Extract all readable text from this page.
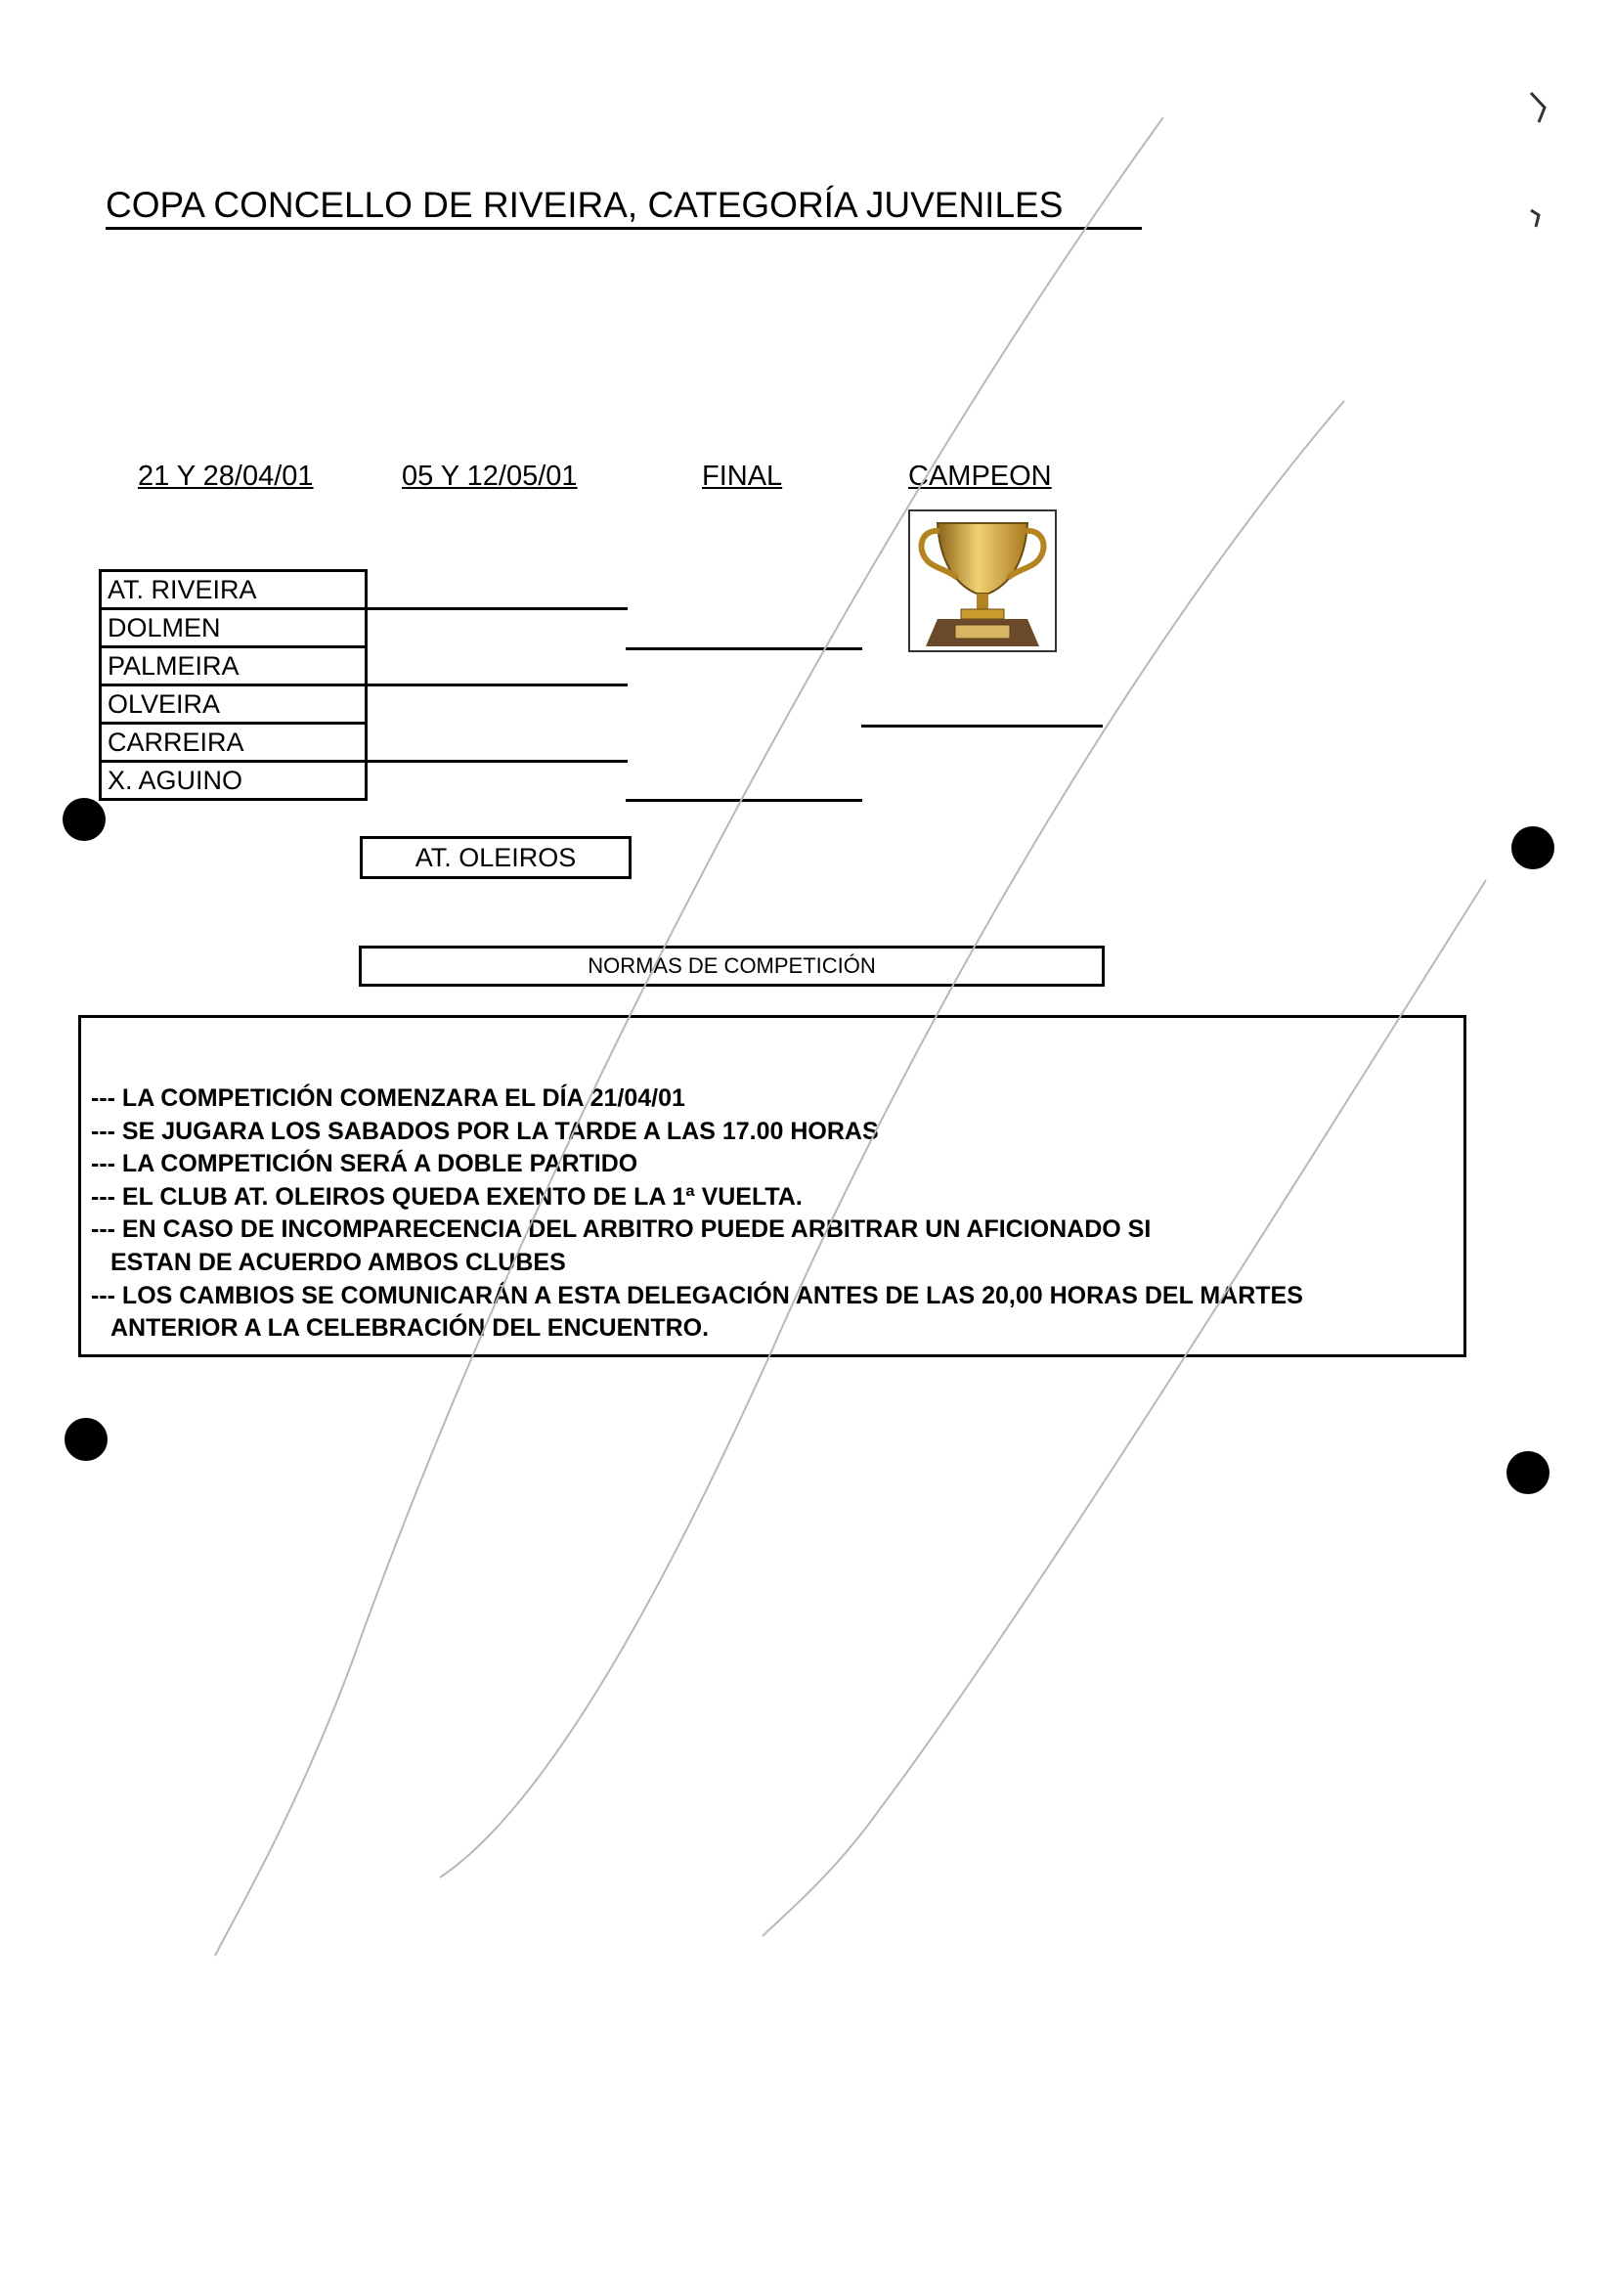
COPA CONCELLO DE RIVEIRA, CATEGORÍA JUVENILES
21 Y 28/04/01	05 Y 12/05/01	FINAL	CAMPEON
AT. RIVEIRA
DOLMEN
PALMEIRA
OLVEIRA
CARREIRA
X. AGUINO
AT. OLEIROS
NORMAS DE COMPETICIÓN
--- LA COMPETICIÓN COMENZARA EL DÍA 21/04/01
--- SE JUGARA LOS SABADOS POR LA TARDE A LAS 17.00 HORAS
--- LA COMPETICIÓN SERÁ A DOBLE PARTIDO
--- EL CLUB AT. OLEIROS QUEDA EXENTO DE LA 1ª VUELTA.
--- EN CASO DE INCOMPARECENCIA DEL ARBITRO PUEDE ARBITRAR UN AFICIONADO SI
ESTAN DE ACUERDO AMBOS CLUBES
--- LOS CAMBIOS SE COMUNICARÁN A ESTA DELEGACIÓN ANTES DE LAS 20,00 HORAS DEL MARTES
ANTERIOR A LA CELEBRACIÓN DEL ENCUENTRO.
